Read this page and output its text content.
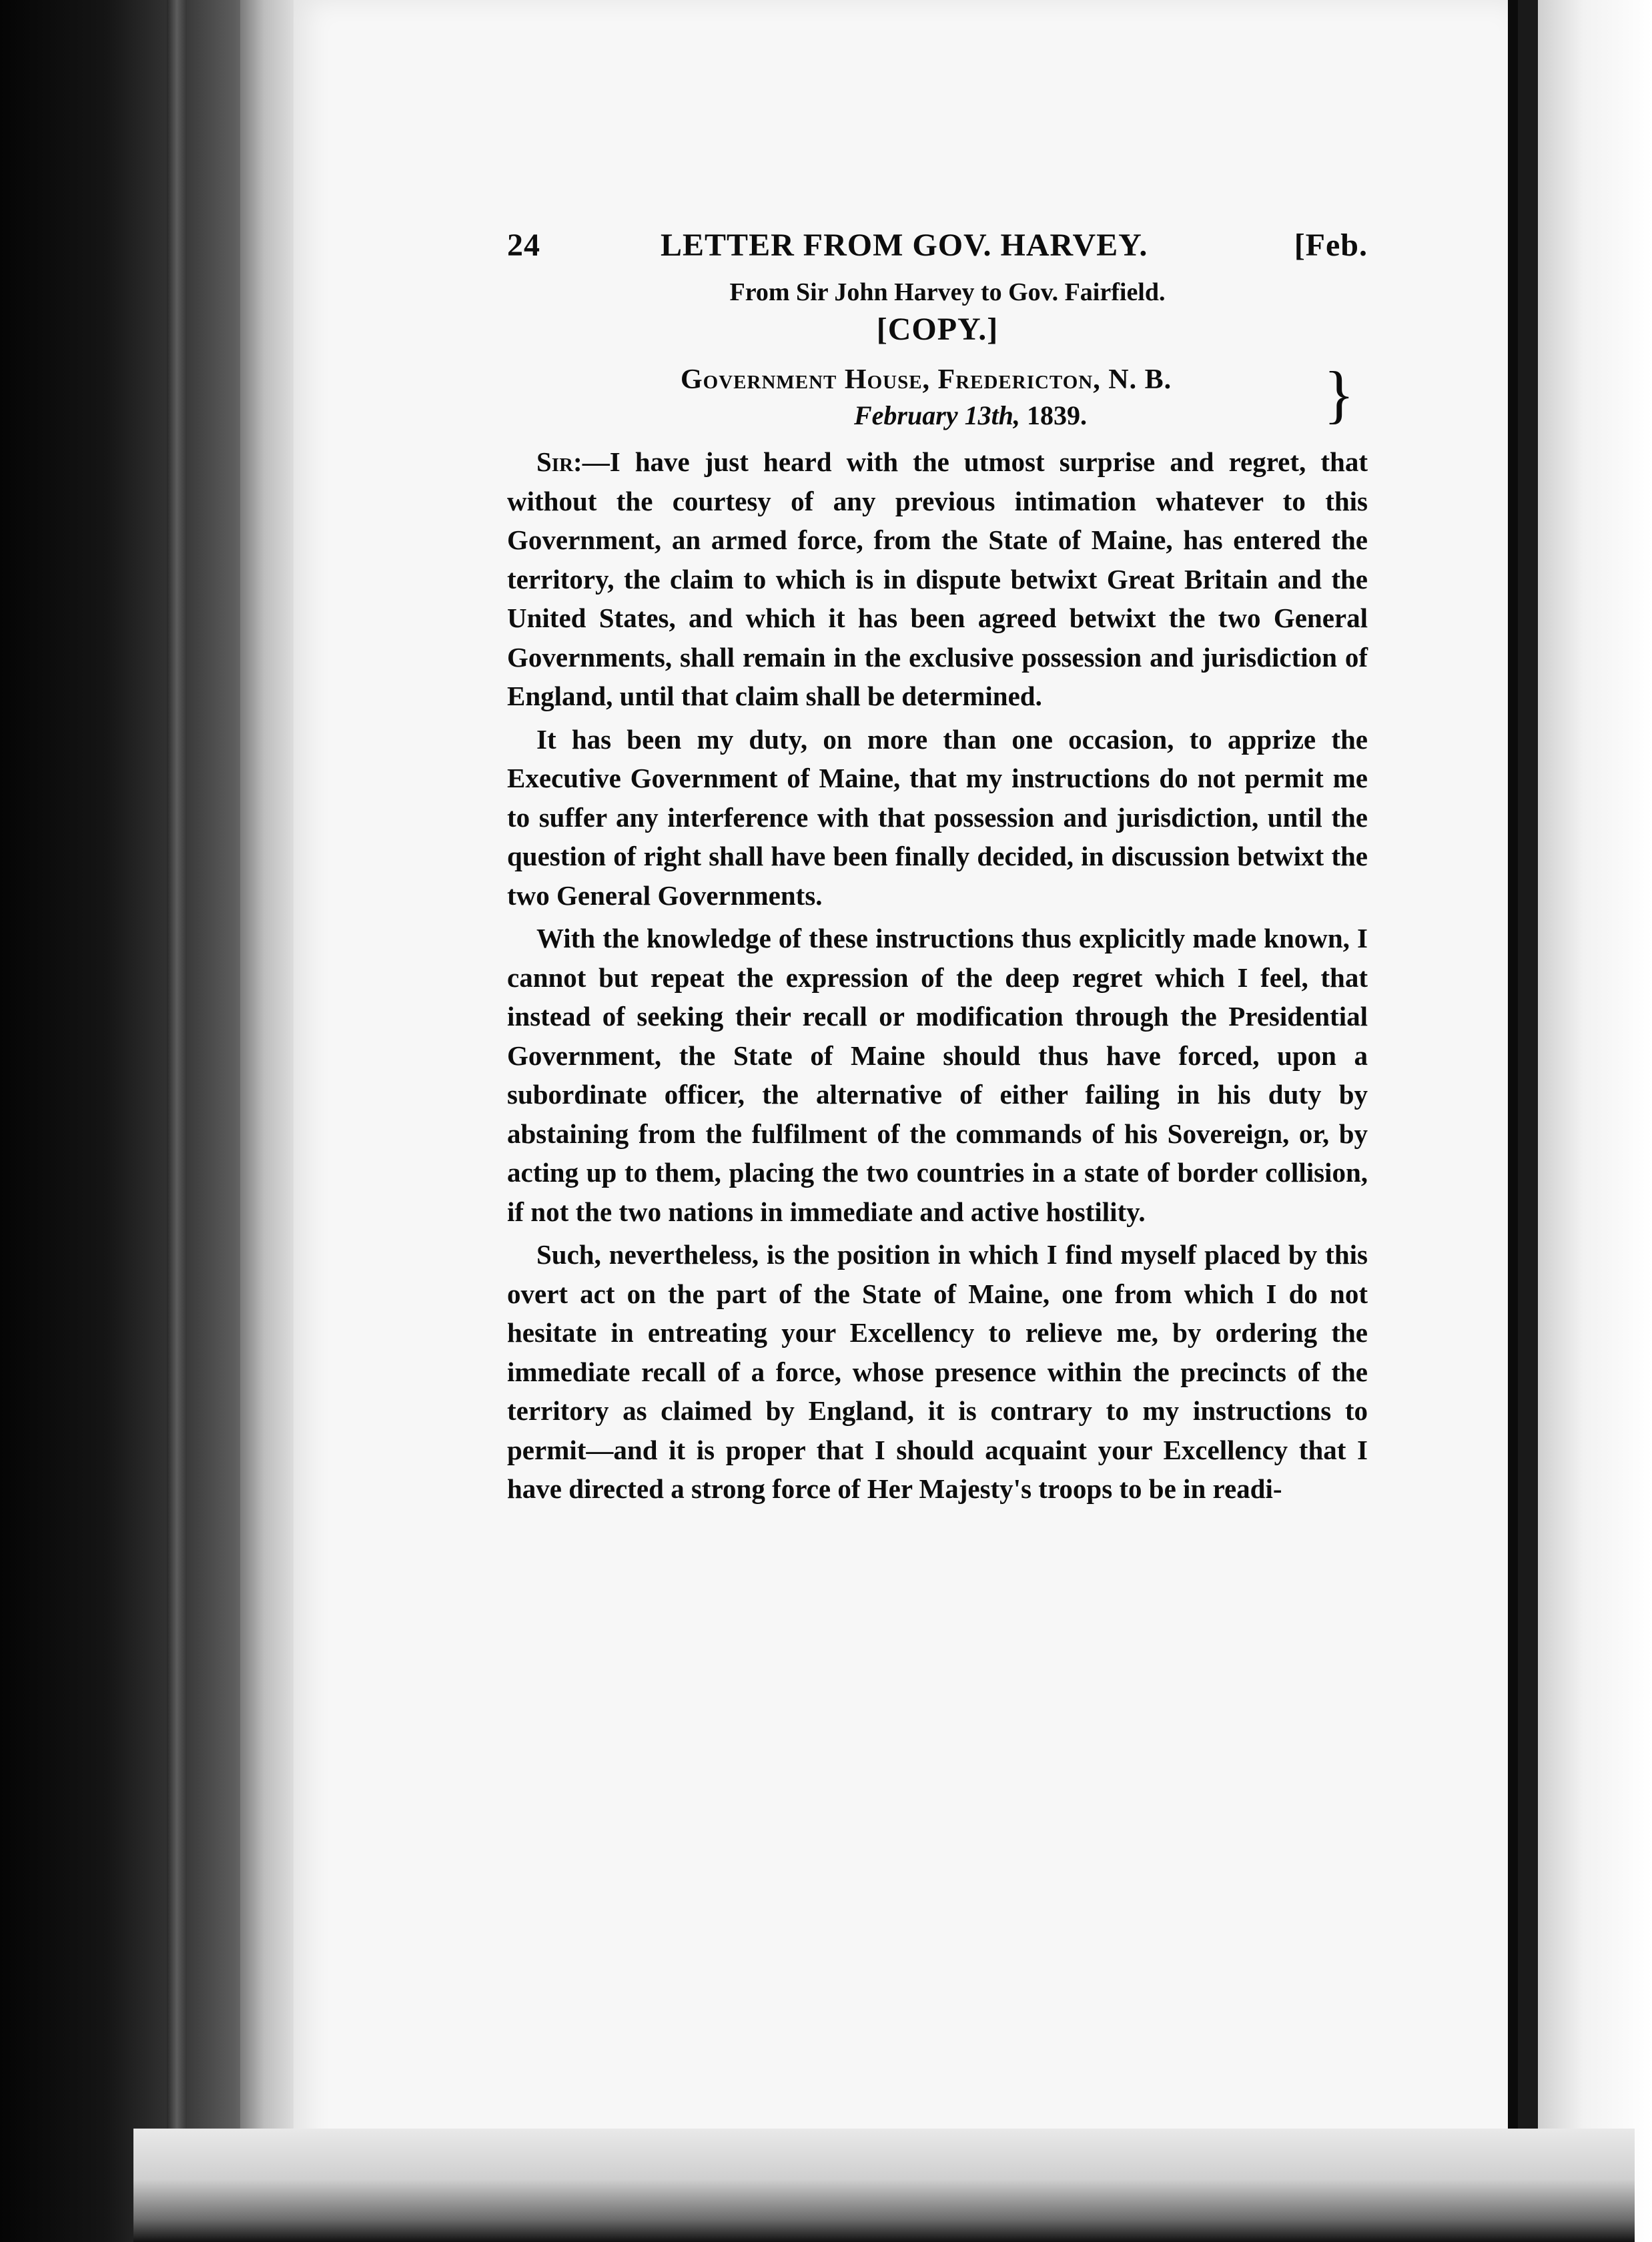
24	LETTER FROM GOV. HARVEY.	[Feb.
From Sir John Harvey to Gov. Fairfield.
[COPY.]
Government House, Fredericton, N. B.
February 13th, 1839.	}

Sir:—I have just heard with the utmost surprise and regret, that without the courtesy of any previous intimation whatever to this Government, an armed force, from the State of Maine, has entered the territory, the claim to which is in dispute betwixt Great Britain and the United States, and which it has been agreed betwixt the two General Governments, shall remain in the exclusive possession and jurisdiction of England, until that claim shall be determined.

It has been my duty, on more than one occasion, to apprize the Executive Government of Maine, that my instructions do not permit me to suffer any interference with that possession and jurisdiction, until the question of right shall have been finally decided, in discussion betwixt the two General Governments.

With the knowledge of these instructions thus explicitly made known, I cannot but repeat the expression of the deep regret which I feel, that instead of seeking their recall or modification through the Presidential Government, the State of Maine should thus have forced, upon a subordinate officer, the alternative of either failing in his duty by abstaining from the fulfilment of the commands of his Sovereign, or, by acting up to them, placing the two countries in a state of border collision, if not the two nations in immediate and active hostility.

Such, nevertheless, is the position in which I find myself placed by this overt act on the part of the State of Maine, one from which I do not hesitate in entreating your Excellency to relieve me, by ordering the immediate recall of a force, whose presence within the precincts of the territory as claimed by England, it is contrary to my instructions to permit—and it is proper that I should acquaint your Excellency that I have directed a strong force of Her Majesty's troops to be in readi-
